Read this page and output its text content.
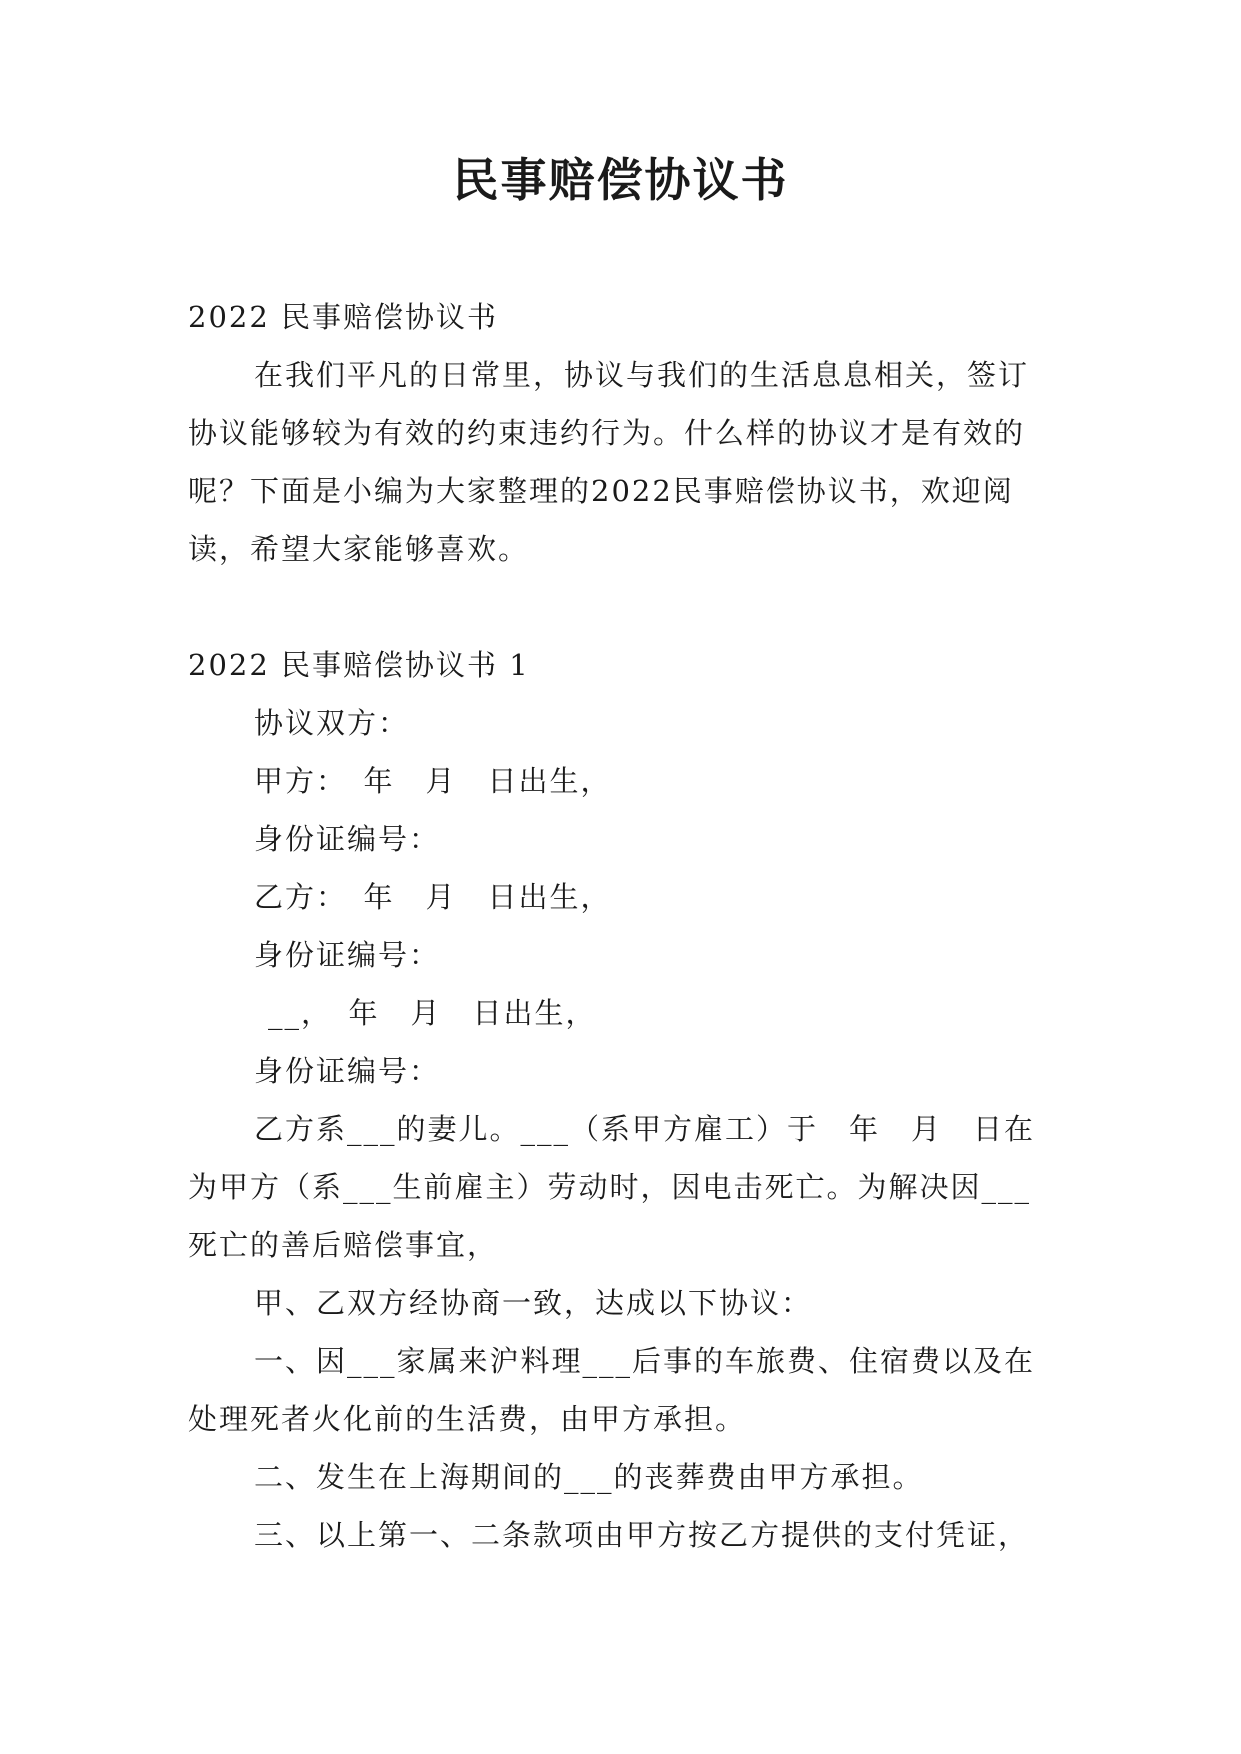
民事赔偿协议书

2022 民事赔偿协议书

在我们平凡的日常里，协议与我们的生活息息相关，签订协议能够较为有效的约束违约行为。什么样的协议才是有效的呢？下面是小编为大家整理的2022民事赔偿协议书，欢迎阅读，希望大家能够喜欢。

2022 民事赔偿协议书 1

协议双方：

甲方：　年　月　日出生，

身份证编号：

乙方：　年　月　日出生，

身份证编号：

__，　年　月　日出生，

身份证编号：

乙方系___的妻儿。___（系甲方雇工）于　年　月　日在为甲方（系___生前雇主）劳动时，因电击死亡。为解决因___死亡的善后赔偿事宜，

甲、乙双方经协商一致，达成以下协议：

一、因___家属来沪料理___后事的车旅费、住宿费以及在处理死者火化前的生活费，由甲方承担。

二、发生在上海期间的___的丧葬费由甲方承担。

三、以上第一、二条款项由甲方按乙方提供的支付凭证，
